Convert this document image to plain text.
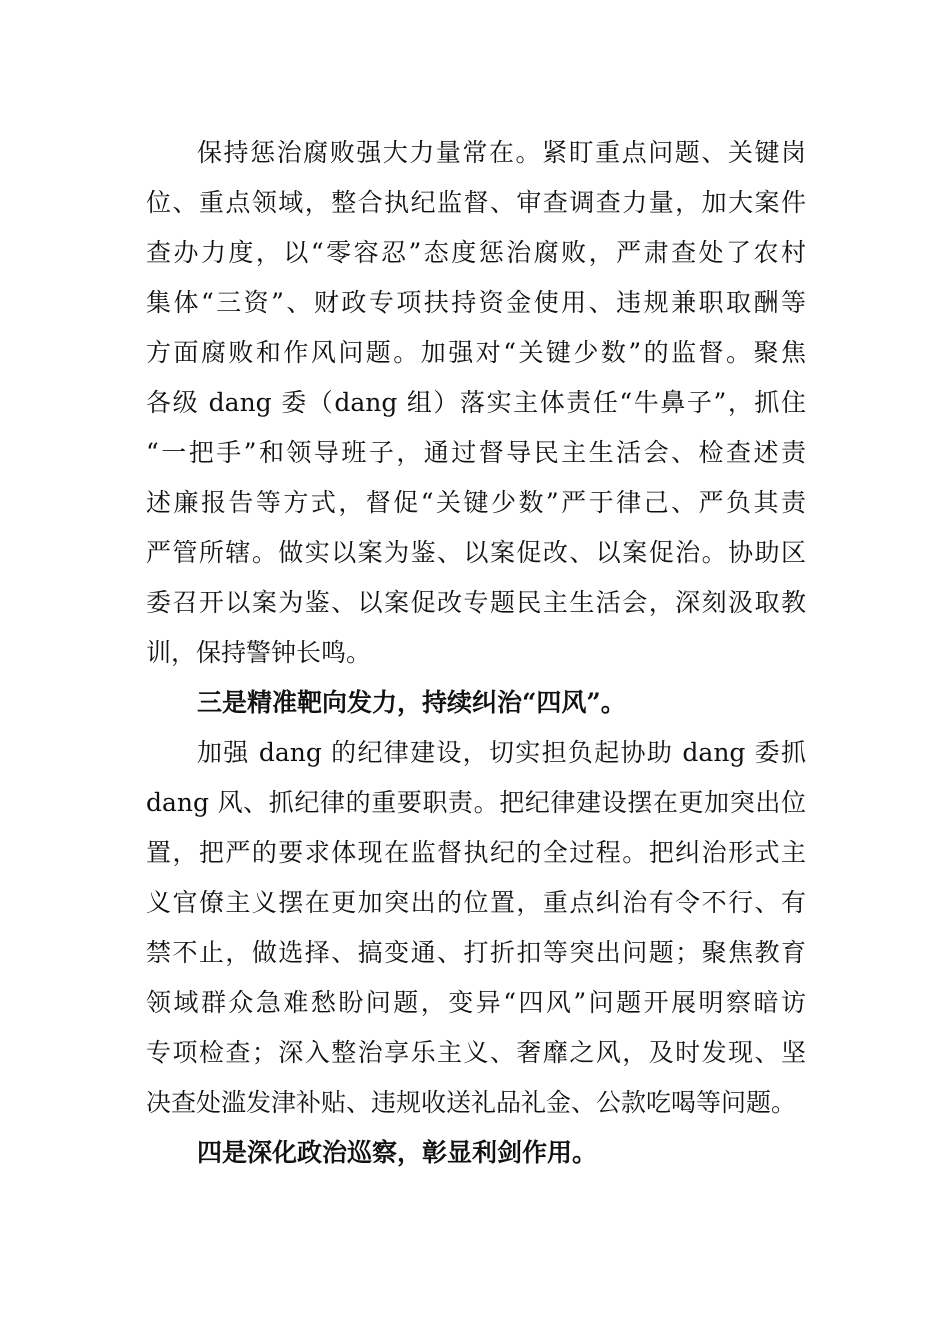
保持惩治腐败强大力量常在。紧盯重点问题、关键岗
位、重点领域，整合执纪监督、审查调查力量，加大案件
查办力度，以“零容忍”态度惩治腐败，严肃查处了农村
集体“三资”、财政专项扶持资金使用、违规兼职取酬等
方面腐败和作风问题。加强对“关键少数”的监督。聚焦
各级 dang 委（dang 组）落实主体责任“牛鼻子”，抓住
“一把手”和领导班子，通过督导民主生活会、检查述责
述廉报告等方式，督促“关键少数”严于律己、严负其责
严管所辖。做实以案为鉴、以案促改、以案促治。协助区
委召开以案为鉴、以案促改专题民主生活会，深刻汲取教
训，保持警钟长鸣。
三是精准靶向发力，持续纠治“四风”。
加强 dang 的纪律建设，切实担负起协助 dang 委抓
dang 风、抓纪律的重要职责。把纪律建设摆在更加突出位
置，把严的要求体现在监督执纪的全过程。把纠治形式主
义官僚主义摆在更加突出的位置，重点纠治有令不行、有
禁不止，做选择、搞变通、打折扣等突出问题；聚焦教育
领域群众急难愁盼问题，变异“四风”问题开展明察暗访
专项检查；深入整治享乐主义、奢靡之风，及时发现、坚
决查处滥发津补贴、违规收送礼品礼金、公款吃喝等问题。
四是深化政治巡察，彰显利剑作用。
